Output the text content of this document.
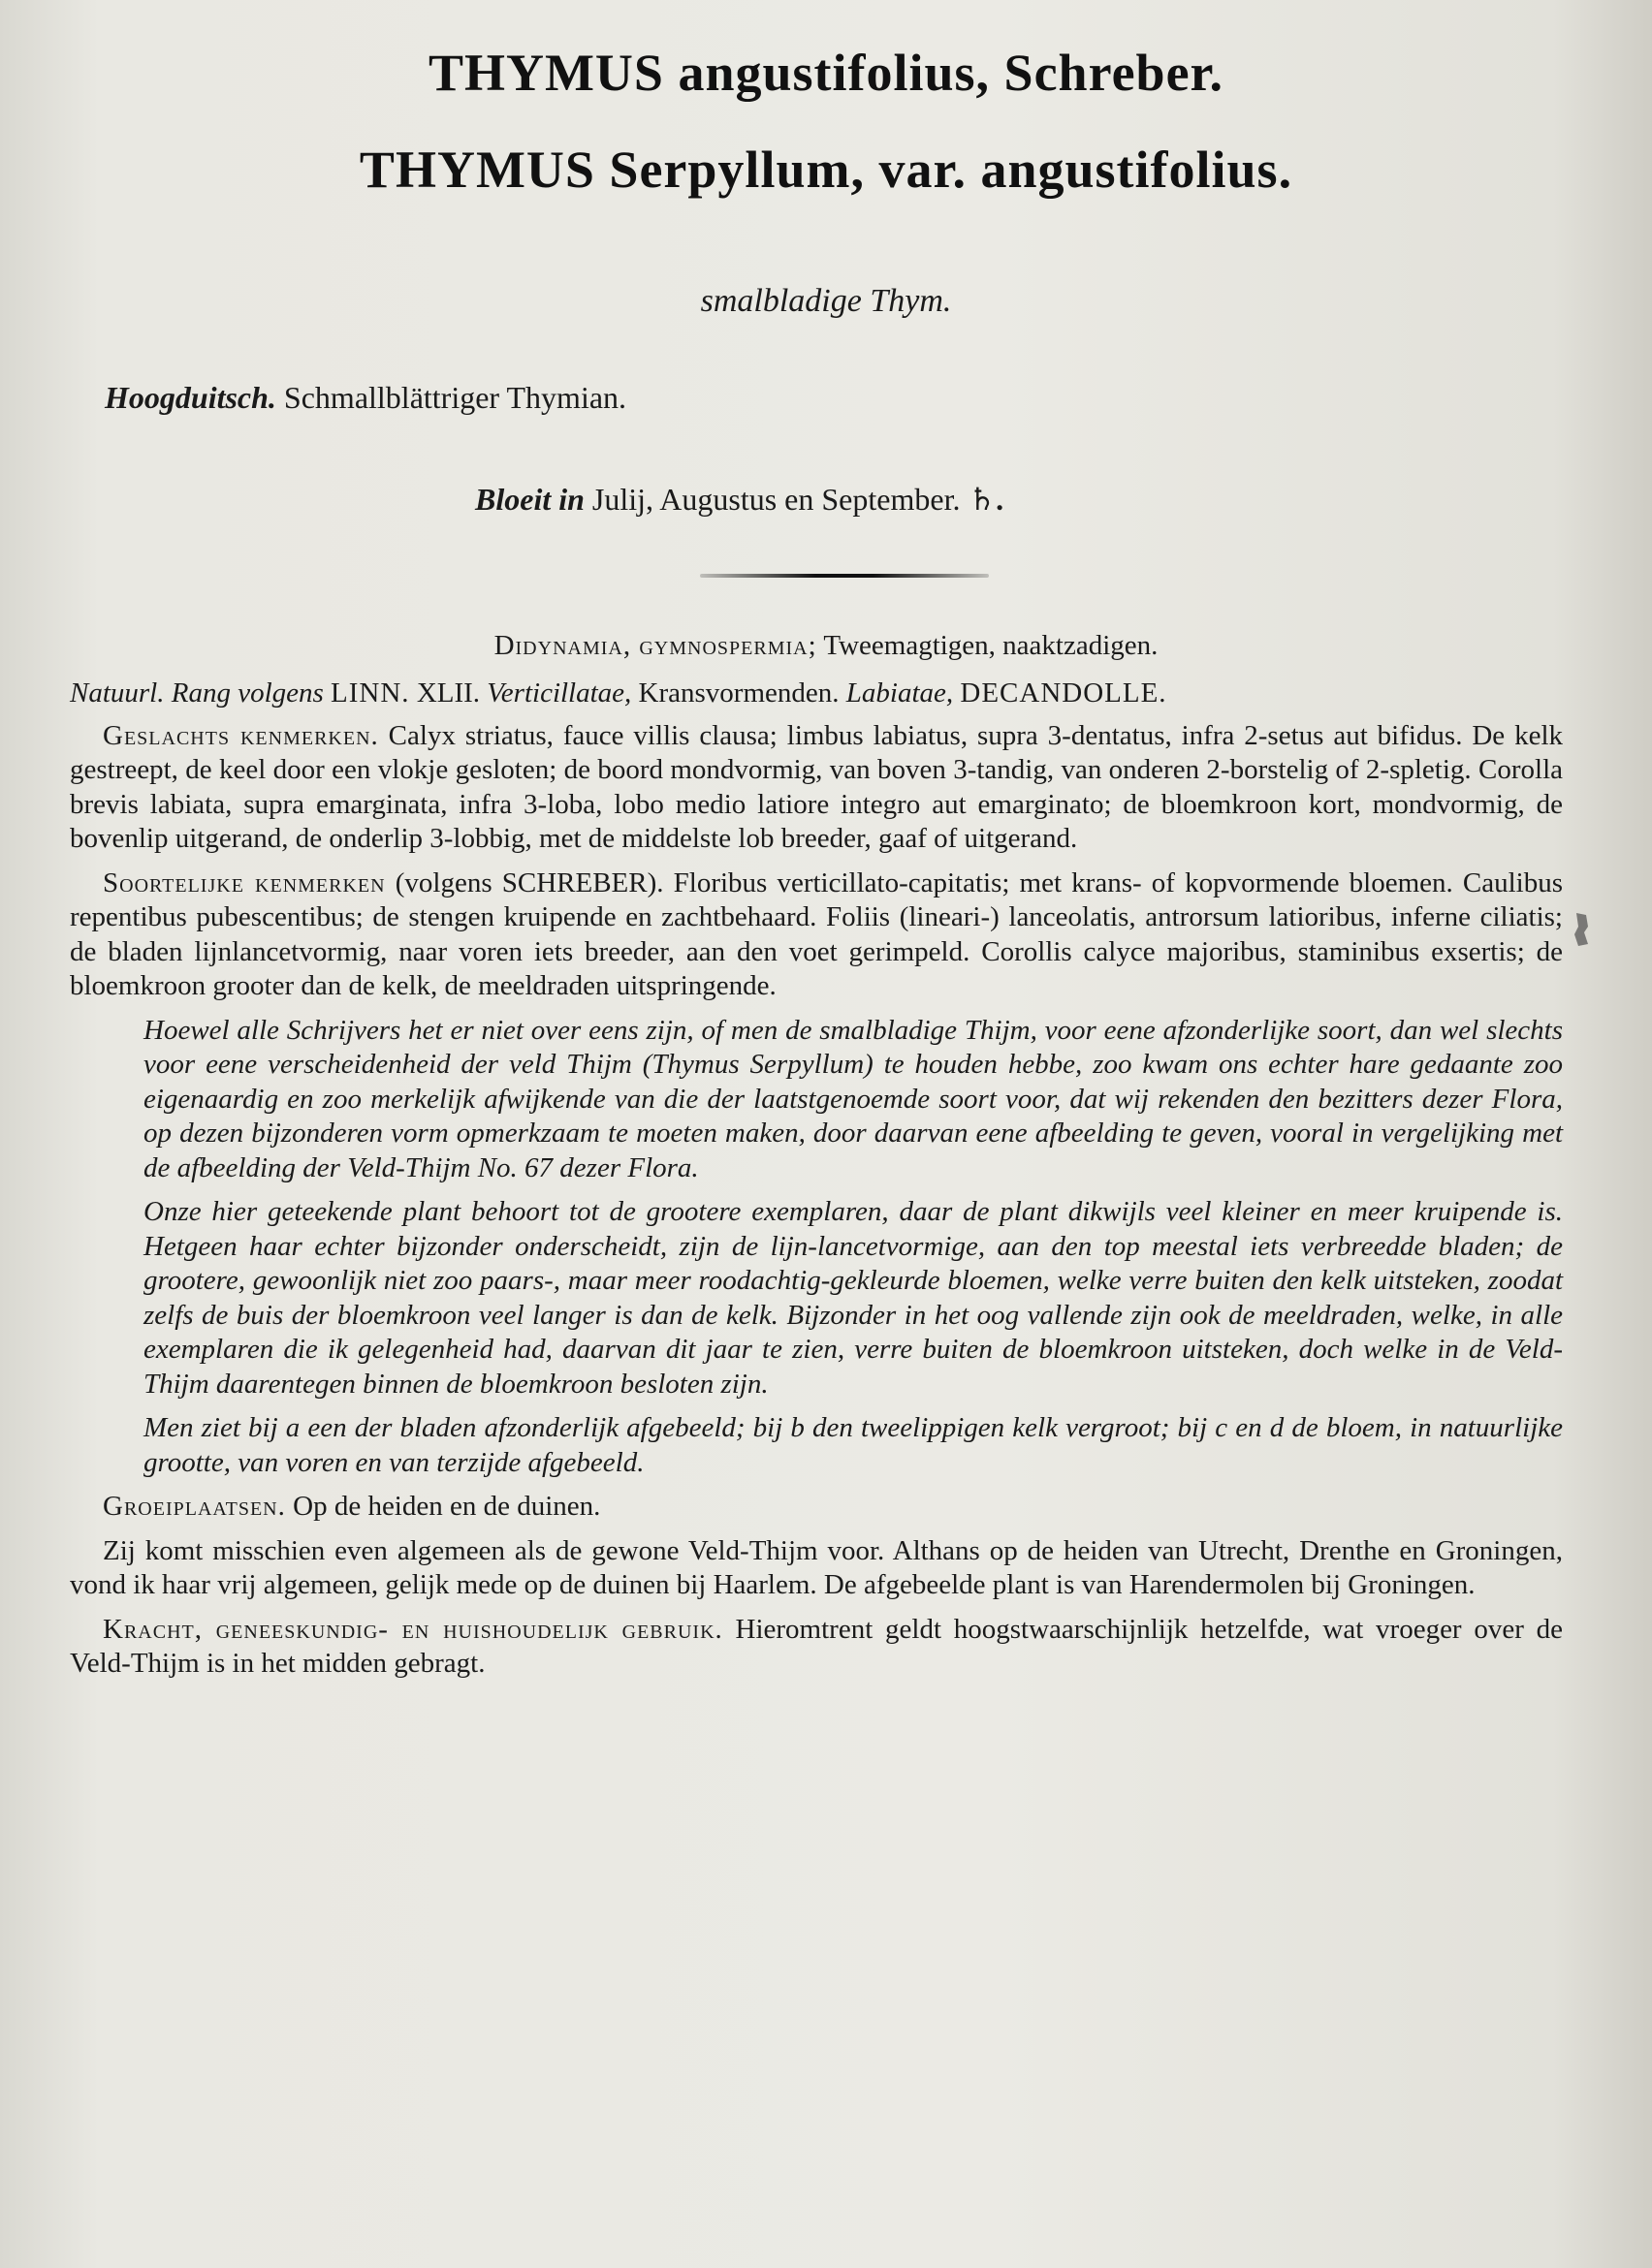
THYMUS angustifolius, Schreber.
THYMUS Serpyllum, var. angustifolius.
smalbladige Thym.
Hoogduitsch. Schmallblättriger Thymian.
Bloeit in Julij, Augustus en September. ♄.
Didynamia, gymnospermia; Tweemagtigen, naaktzadigen.

Natuurl. Rang volgens LINN. XLII. Verticillatae, Kransvormenden. Labiatae, DECANDOLLE.

Geslachts kenmerken. Calyx striatus, fauce villis clausa; limbus labiatus, supra 3-dentatus, infra 2-setus aut bifidus. De kelk gestreept, de keel door een vlokje gesloten; de boord mondvormig, van boven 3-tandig, van onderen 2-borstelig of 2-spletig. Corolla brevis labiata, supra emarginata, infra 3-loba, lobo medio latiore integro aut emarginato; de bloemkroon kort, mondvormig, de bovenlip uitgerand, de onderlip 3-lobbig, met de middelste lob breeder, gaaf of uitgerand.

Soortelijke kenmerken (volgens SCHREBER). Floribus verticillato-capitatis; met krans- of kopvormende bloemen. Caulibus repentibus pubescentibus; de stengen kruipende en zachtbehaard. Foliis (lineari-) lanceolatis, antrorsum latioribus, inferne ciliatis; de bladen lijnlancetvormig, naar voren iets breeder, aan den voet gerimpeld. Corollis calyce majoribus, staminibus exsertis; de bloemkroon grooter dan de kelk, de meeldraden uitspringende.

Hoewel alle Schrijvers het er niet over eens zijn, of men de smalbladige Thijm, voor eene afzonderlijke soort, dan wel slechts voor eene verscheidenheid der veld Thijm (Thymus Serpyllum) te houden hebbe, zoo kwam ons echter hare gedaante zoo eigenaardig en zoo merkelijk afwijkende van die der laatstgenoemde soort voor, dat wij rekenden den bezitters dezer Flora, op dezen bijzonderen vorm opmerkzaam te moeten maken, door daarvan eene afbeelding te geven, vooral in vergelijking met de afbeelding der Veld-Thijm No. 67 dezer Flora.

Onze hier geteekende plant behoort tot de grootere exemplaren, daar de plant dikwijls veel kleiner en meer kruipende is. Hetgeen haar echter bijzonder onderscheidt, zijn de lijn-lancetvormige, aan den top meestal iets verbreedde bladen; de grootere, gewoonlijk niet zoo paars-, maar meer roodachtig-gekleurde bloemen, welke verre buiten den kelk uitsteken, zoodat zelfs de buis der bloemkroon veel langer is dan de kelk. Bijzonder in het oog vallende zijn ook de meeldraden, welke, in alle exemplaren die ik gelegenheid had, daarvan dit jaar te zien, verre buiten de bloemkroon uitsteken, doch welke in de Veld-Thijm daarentegen binnen de bloemkroon besloten zijn.

Men ziet bij a een der bladen afzonderlijk afgebeeld; bij b den tweelippigen kelk vergroot; bij c en d de bloem, in natuurlijke grootte, van voren en van terzijde afgebeeld.

Groeiplaatsen. Op de heiden en de duinen.

Zij komt misschien even algemeen als de gewone Veld-Thijm voor. Althans op de heiden van Utrecht, Drenthe en Groningen, vond ik haar vrij algemeen, gelijk mede op de duinen bij Haarlem. De afgebeelde plant is van Harendermolen bij Groningen.

Kracht, geneeskundig- en huishoudelijk gebruik. Hieromtrent geldt hoogstwaarschijnlijk hetzelfde, wat vroeger over de Veld-Thijm is in het midden gebragt.
